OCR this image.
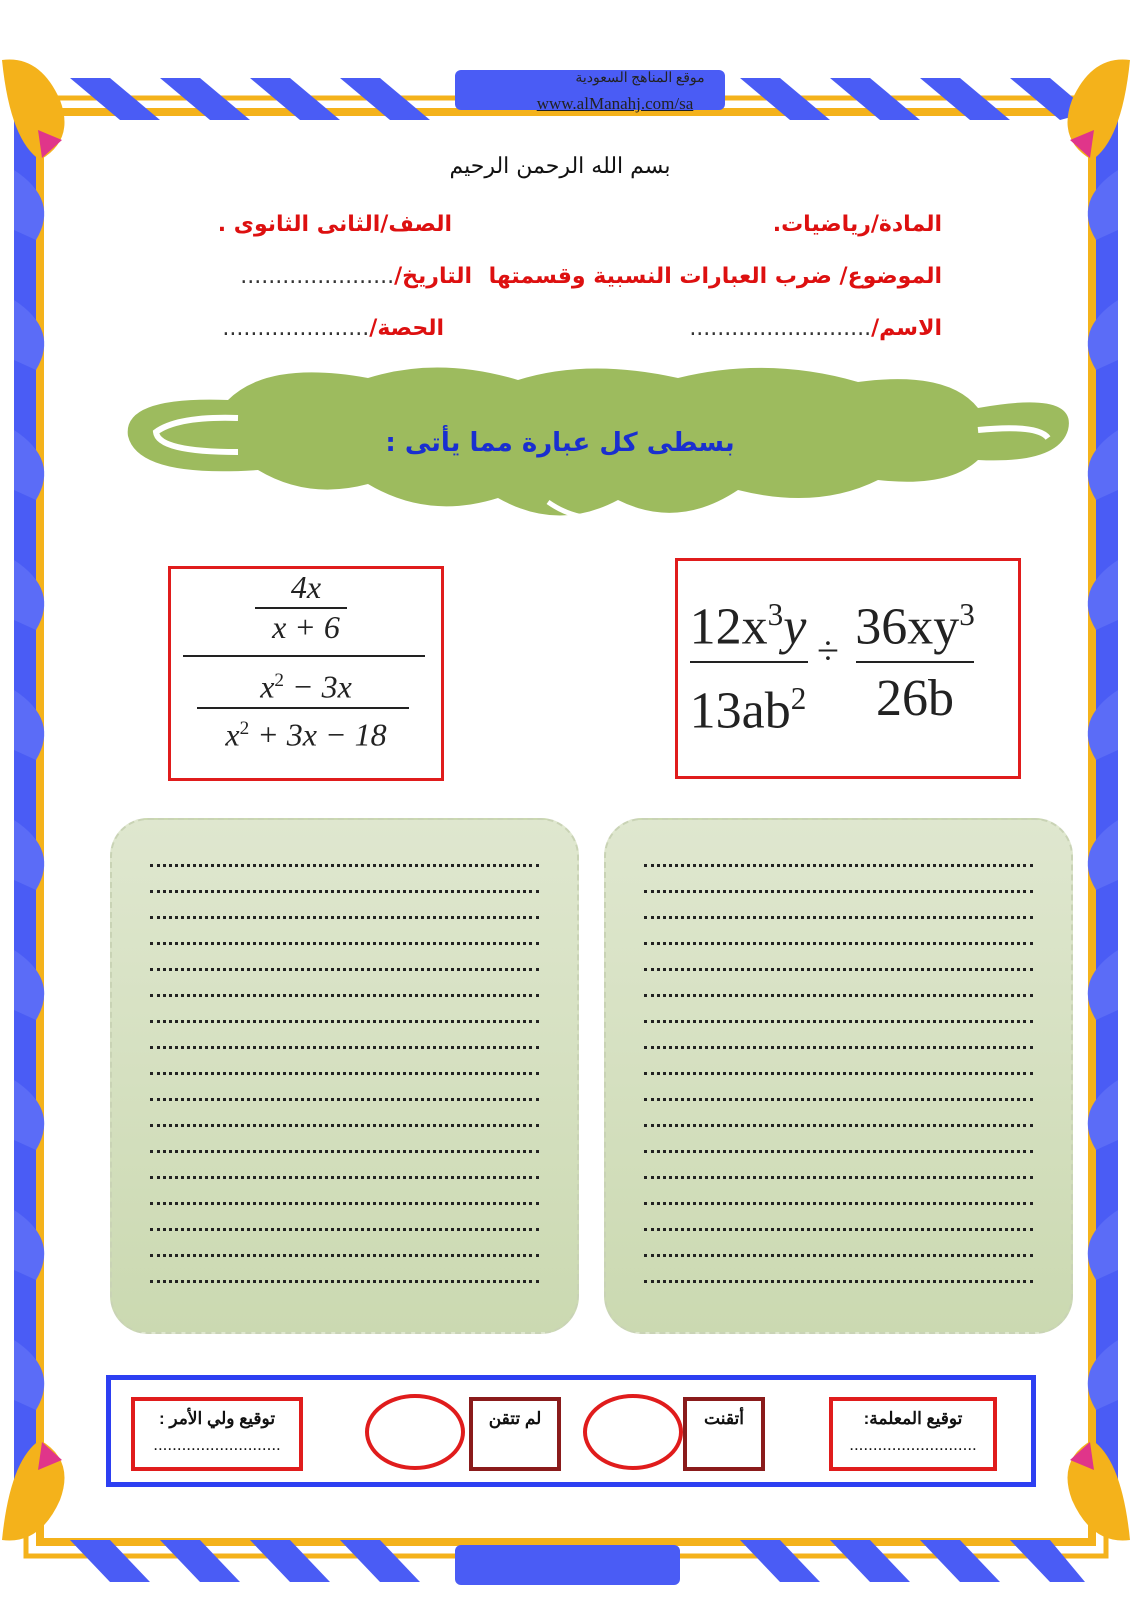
موقع المناهج السعودية
www.alManahj.com/sa
بسم الله الرحمن الرحيم
المادة/رياضيات.
الصف/الثانى الثانوى .
الموضوع/ ضرب العبارات النسبية وقسمتها
التاريخ/......................
الاسم/..........................
الحصة/.....................
بسطى كل عبارة مما يأتى :
$12x^3y$
$13ab^2$
÷ $36xy^3$
26b
4x
x + 6
$x^2 - 3x$
$x^2 + 3x - 18$
توقيع المعلمة:
...........................
أتقنت
لم تتقن
توقيع ولي الأمر :
...........................
